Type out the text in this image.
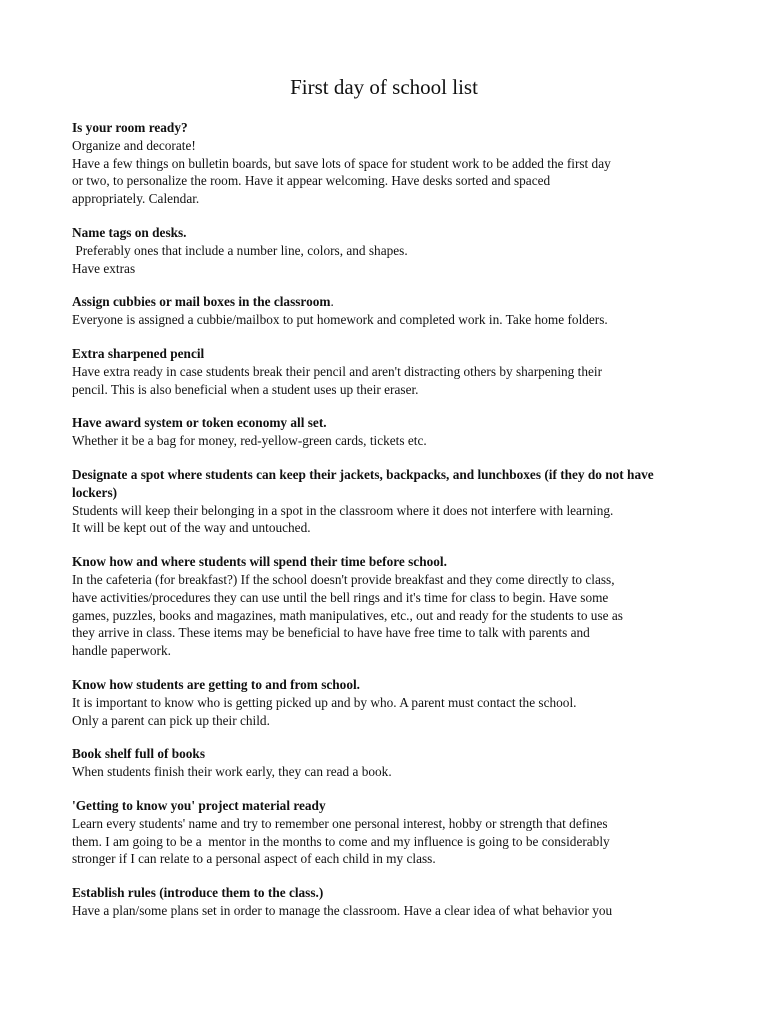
First day of school list

Is your room ready?

Organize and decorate!

Have a few things on bulletin boards, but save lots of space for student work to be added the first day

or two, to personalize the room. Have it appear welcoming. Have desks sorted and spaced

appropriately. Calendar.

Name tags on desks.

Preferably ones that include a number line, colors, and shapes.

Have extras

Assign cubbies or mail boxes in the classroom.

Everyone is assigned a cubbie/mailbox to put homework and completed work in. Take home folders.

Extra sharpened pencil

Have extra ready in case students break their pencil and aren't distracting others by sharpening their

pencil. This is also beneficial when a student uses up their eraser.

Have award system or token economy all set.

Whether it be a bag for money, red-yellow-green cards, tickets etc.

Designate a spot where students can keep their jackets, backpacks, and lunchboxes (if they do not have lockers)

Students will keep their belonging in a spot in the classroom where it does not interfere with learning.

It will be kept out of the way and untouched.

Know how and where students will spend their time before school.

In the cafeteria (for breakfast?) If the school doesn't provide breakfast and they come directly to class,

have activities/procedures they can use until the bell rings and it's time for class to begin. Have some

games, puzzles, books and magazines, math manipulatives, etc., out and ready for the students to use as

they arrive in class. These items may be beneficial to have have free time to talk with parents and

handle paperwork.

Know how students are getting to and from school.

It is important to know who is getting picked up and by who. A parent must contact the school.

Only a parent can pick up their child.

Book shelf full of books

When students finish their work early, they can read a book.

'Getting to know you' project material ready

Learn every students' name and try to remember one personal interest, hobby or strength that defines

them. I am going to be a  mentor in the months to come and my influence is going to be considerably

stronger if I can relate to a personal aspect of each child in my class.

Establish rules (introduce them to the class.)

Have a plan/some plans set in order to manage the classroom. Have a clear idea of what behavior you
